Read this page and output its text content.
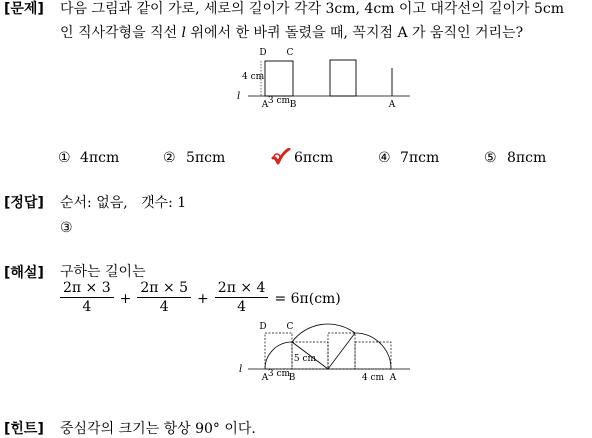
[문제] 다음 그림과 같이 가로, 세로의 길이가 각각 3cm, 4cm 이고 대각선의 길이가 5cm
인 직사각형을 직선 l 위에서 한 바퀴 돌렸을 때, 꼭지점 A 가 움직인 거리는?
D C
4 cm
l
A 3 cm B	A
① 4πcm	② 5πcm	6πcm	④ 7πcm	⑤ 8πcm
[정답] 순서: 없음,   갯수: 1
③
[해설] 구하는 길이는
$\frac{2\pi \times 3}{4} + \frac{2\pi \times 5}{4} + \frac{2\pi \times 4}{4} = 6\pi(cm)$
D C
l
A 3 cm
B
5 cm
4 cm A
[힌트] 중심각의 크기는 항상 90° 이다.
